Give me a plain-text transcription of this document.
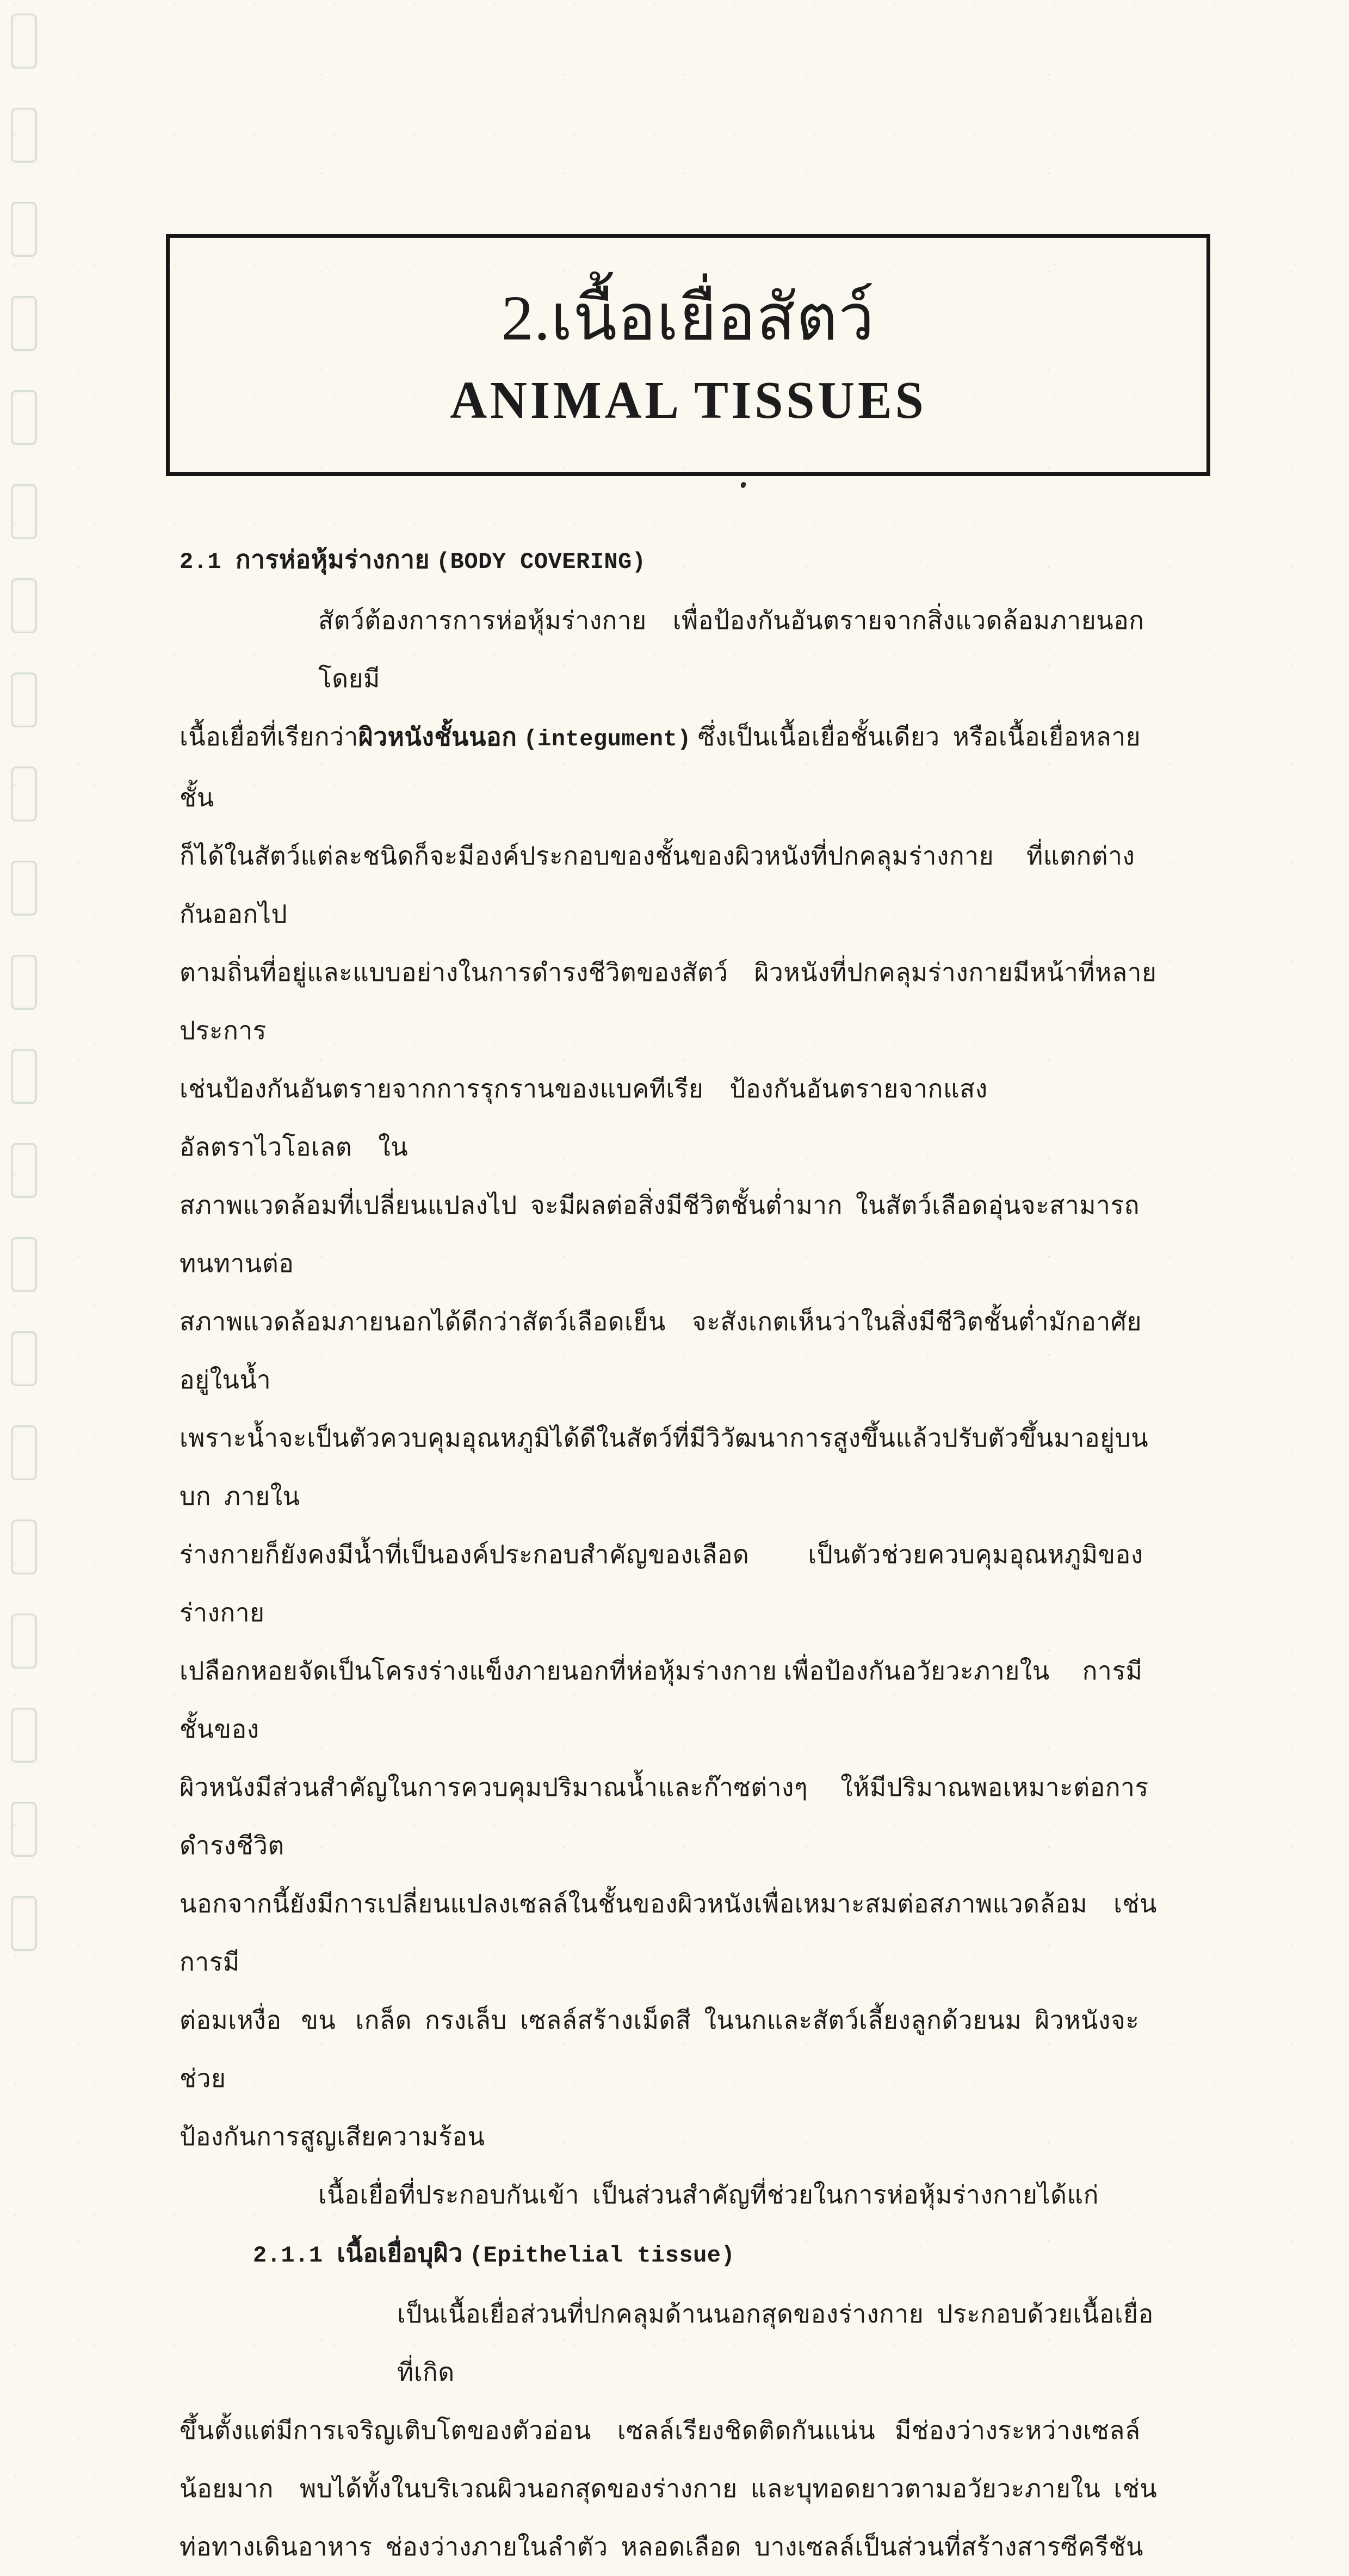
2.เนื้อเยื่อสัตว์
ANIMAL TISSUES
2.1 การห่อหุ้มร่างกาย (BODY COVERING)
สัตว์ต้องการการห่อหุ้มร่างกาย    เพื่อป้องกันอันตรายจากสิ่งแวดล้อมภายนอก  โดยมี
เนื้อเยื่อที่เรียกว่าผิวหนังชั้นนอก (integument) ซึ่งเป็นเนื้อเยื่อชั้นเดียว  หรือเนื้อเยื่อหลายชั้น
ก็ได้ในสัตว์แต่ละชนิดก็จะมีองค์ประกอบของชั้นของผิวหนังที่ปกคลุมร่างกาย     ที่แตกต่างกันออกไป
ตามถิ่นที่อยู่และแบบอย่างในการดำรงชีวิตของสัตว์    ผิวหนังที่ปกคลุมร่างกายมีหน้าที่หลายประการ
เช่นป้องกันอันตรายจากการรุกรานของแบคทีเรีย    ป้องกันอันตรายจากแสงอัลตราไวโอเลต    ใน
สภาพแวดล้อมที่เปลี่ยนแปลงไป  จะมีผลต่อสิ่งมีชีวิตชั้นต่ำมาก  ในสัตว์เลือดอุ่นจะสามารถทนทานต่อ
สภาพแวดล้อมภายนอกได้ดีกว่าสัตว์เลือดเย็น    จะสังเกตเห็นว่าในสิ่งมีชีวิตชั้นต่ำมักอาศัยอยู่ในน้ำ
เพราะน้ำจะเป็นตัวควบคุมอุณหภูมิได้ดีในสัตว์ที่มีวิวัฒนาการสูงขึ้นแล้วปรับตัวขึ้นมาอยู่บนบก  ภายใน
ร่างกายก็ยังคงมีน้ำที่เป็นองค์ประกอบสำคัญของเลือด         เป็นตัวช่วยควบคุมอุณหภูมิของร่างกาย
เปลือกหอยจัดเป็นโครงร่างแข็งภายนอกที่ห่อหุ้มร่างกาย เพื่อป้องกันอวัยวะภายใน     การมีชั้นของ
ผิวหนังมีส่วนสำคัญในการควบคุมปริมาณน้ำและก๊าซต่างๆ     ให้มีปริมาณพอเหมาะต่อการดำรงชีวิต
นอกจากนี้ยังมีการเปลี่ยนแปลงเซลล์ในชั้นของผิวหนังเพื่อเหมาะสมต่อสภาพแวดล้อม    เช่น การมี
ต่อมเหงื่อ   ขน   เกล็ด  กรงเล็บ  เซลล์สร้างเม็ดสี  ในนกและสัตว์เลี้ยงลูกด้วยนม  ผิวหนังจะช่วย
ป้องกันการสูญเสียความร้อน
เนื้อเยื่อที่ประกอบกันเข้า  เป็นส่วนสำคัญที่ช่วยในการห่อหุ้มร่างกายได้แก่
2.1.1 เนื้อเยื่อบุผิว (Epithelial tissue)
เป็นเนื้อเยื่อส่วนที่ปกคลุมด้านนอกสุดของร่างกาย  ประกอบด้วยเนื้อเยื่อที่เกิด
ขึ้นตั้งแต่มีการเจริญเติบโตของตัวอ่อน    เซลล์เรียงชิดติดกันแน่น   มีช่องว่างระหว่างเซลล์
น้อยมาก    พบได้ทั้งในบริเวณผิวนอกสุดของร่างกาย  และบุทอดยาวตามอวัยวะภายใน  เช่น
ท่อทางเดินอาหาร  ช่องว่างภายในลำตัว  หลอดเลือด  บางเซลล์เป็นส่วนที่สร้างสารซีครีชัน
